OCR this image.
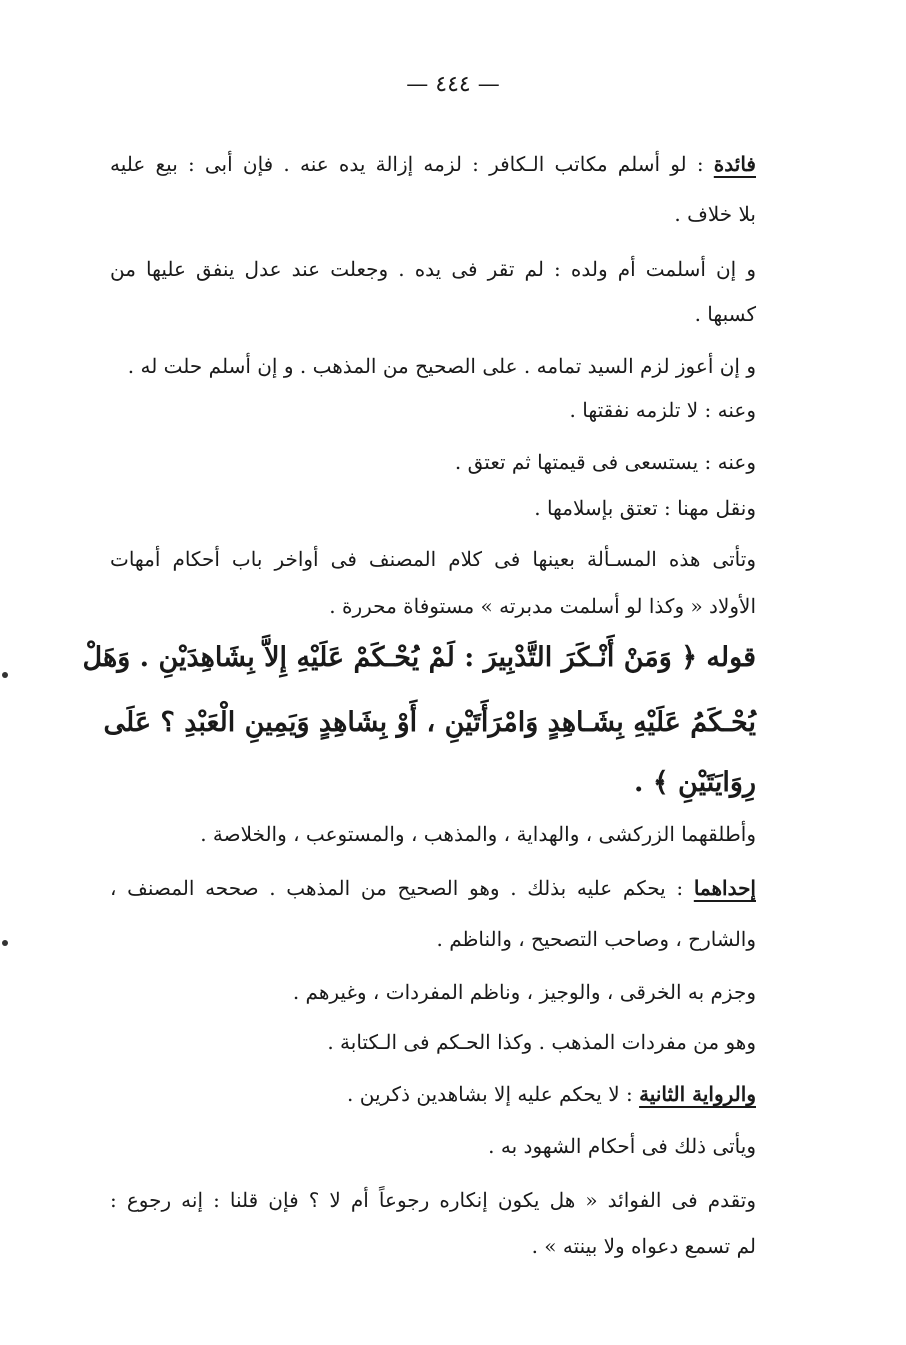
— ٤٤٤ —
فائدة : لو أسلم مكاتب الـكافر : لزمه إزالة يده عنه . فإن أبى : بيع عليه
بلا خلاف .
و إن أسلمت أم ولده : لم تقر فى يده . وجعلت عند عدل ينفق عليها من
كسبها .
و إن أعوز لزم السيد تمامه . على الصحيح من المذهب . و إن أسلم حلت له .
وعنه : لا تلزمه نفقتها .
وعنه : يستسعى فى قيمتها ثم تعتق .
ونقل مهنا : تعتق بإسلامها .
وتأتى هذه المسـألة بعينها فى كلام المصنف فى أواخر باب أحكام أمهات
الأولاد « وكذا لو أسلمت مدبرته » مستوفاة محررة .
قوله ﴿ وَمَنْ أَنْـكَرَ التَّدْبِيرَ : لَمْ يُحْـكَمْ عَلَيْهِ إِلاَّ بِشَاهِدَيْنِ . وَهَلْ
يُحْـكَمُ عَلَيْهِ بِشَـاهِدٍ وَامْرَأَتَيْنِ ، أَوْ بِشَاهِدٍ وَيَمِينِ الْعَبْدِ ؟ عَلَى
رِوَايَتَيْنِ ﴾ .
وأطلقهما الزركشى ، والهداية ، والمذهب ، والمستوعب ، والخلاصة .
إحداهما : يحكم عليه بذلك . وهو الصحيح من المذهب . صححه المصنف ،
والشارح ، وصاحب التصحيح ، والناظم .
وجزم به الخرقى ، والوجيز ، وناظم المفردات ، وغيرهم .
وهو من مفردات المذهب . وكذا الحـكم فى الـكتابة .
والرواية الثانية : لا يحكم عليه إلا بشاهدين ذكرين .
ويأتى ذلك فى أحكام الشهود به .
وتقدم فى الفوائد « هل يكون إنكاره رجوعاً أم لا ؟ فإن قلنا : إنه رجوع :
لم تسمع دعواه ولا بينته » .
